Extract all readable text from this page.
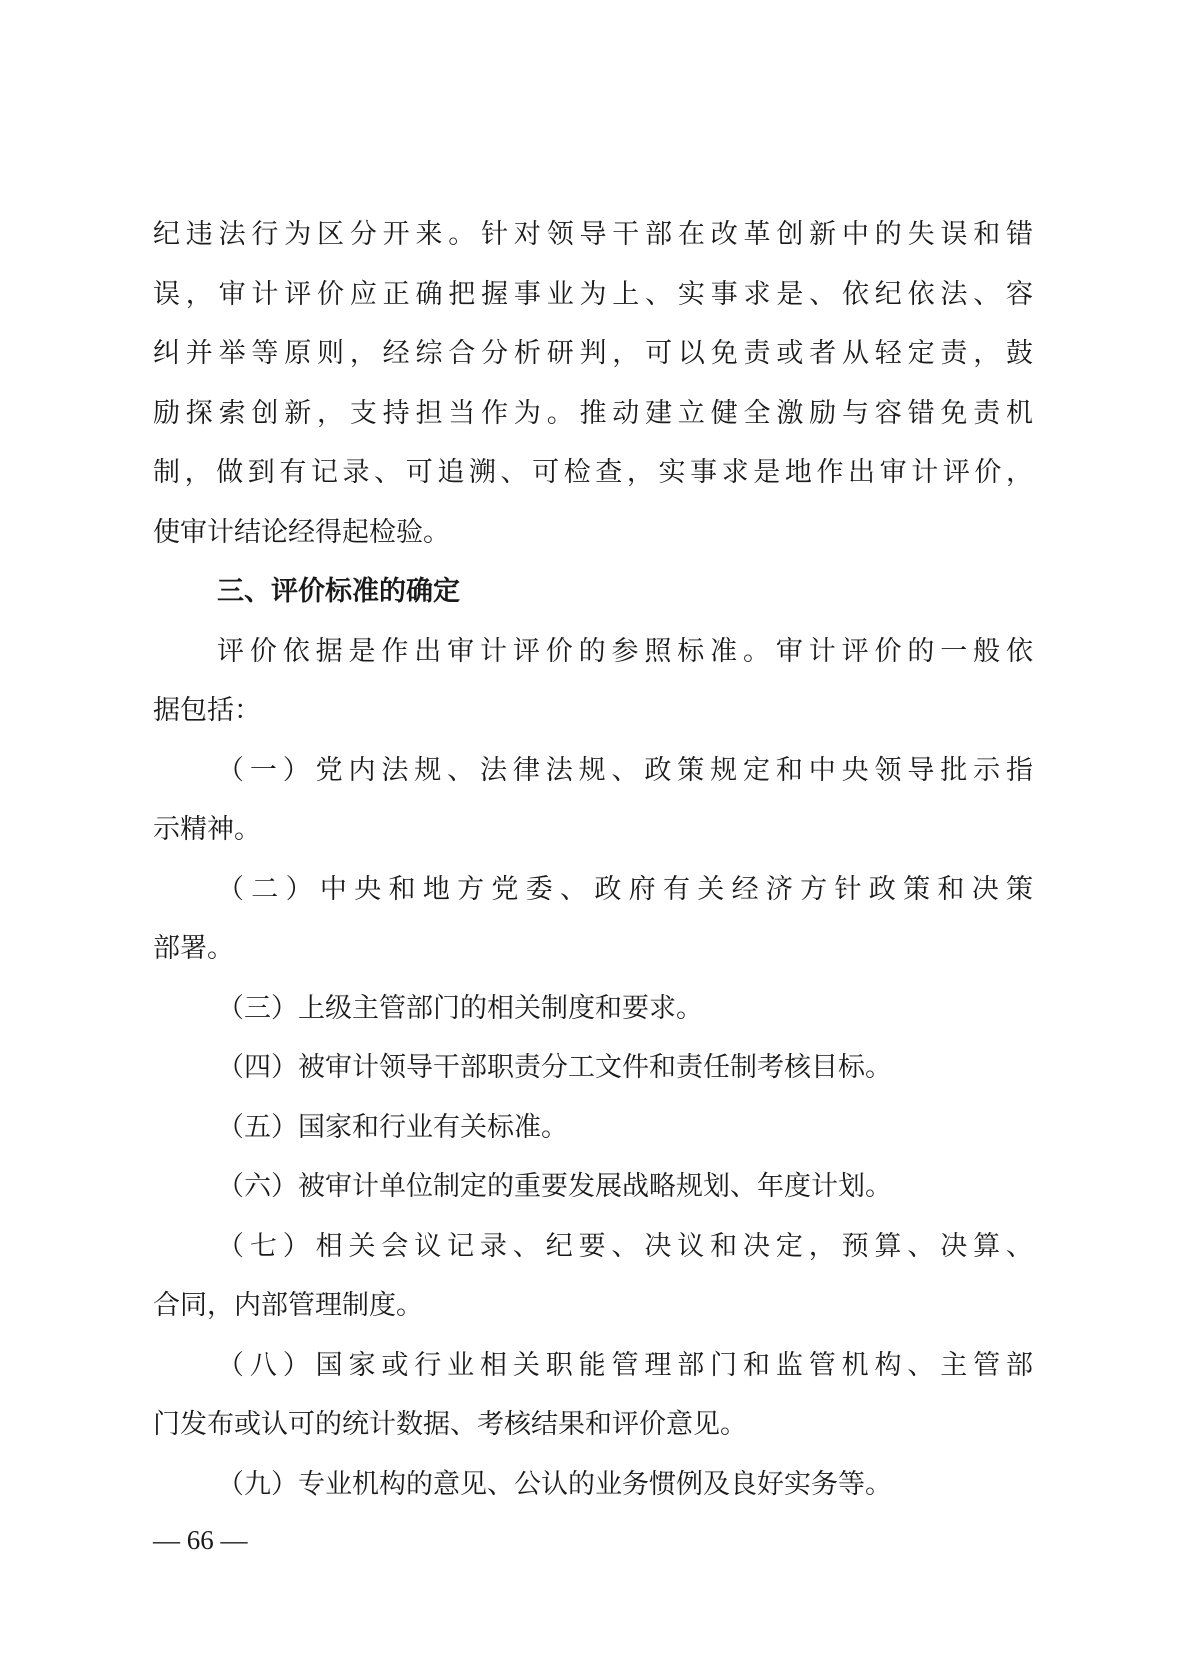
纪违法行为区分开来。针对领导干部在改革创新中的失误和错
误，审计评价应正确把握事业为上、实事求是、依纪依法、容
纠并举等原则，经综合分析研判，可以免责或者从轻定责，鼓
励探索创新，支持担当作为。推动建立健全激励与容错免责机
制，做到有记录、可追溯、可检查，实事求是地作出审计评价，
使审计结论经得起检验。
三、评价标准的确定
评价依据是作出审计评价的参照标准。审计评价的一般依
据包括：
（一）党内法规、法律法规、政策规定和中央领导批示指
示精神。
（二）中央和地方党委、政府有关经济方针政策和决策
部署。
（三）上级主管部门的相关制度和要求。
（四）被审计领导干部职责分工文件和责任制考核目标。
（五）国家和行业有关标准。
（六）被审计单位制定的重要发展战略规划、年度计划。
（七）相关会议记录、纪要、决议和决定，预算、决算、
合同，内部管理制度。
（八）国家或行业相关职能管理部门和监管机构、主管部
门发布或认可的统计数据、考核结果和评价意见。
（九）专业机构的意见、公认的业务惯例及良好实务等。
— 66 —
